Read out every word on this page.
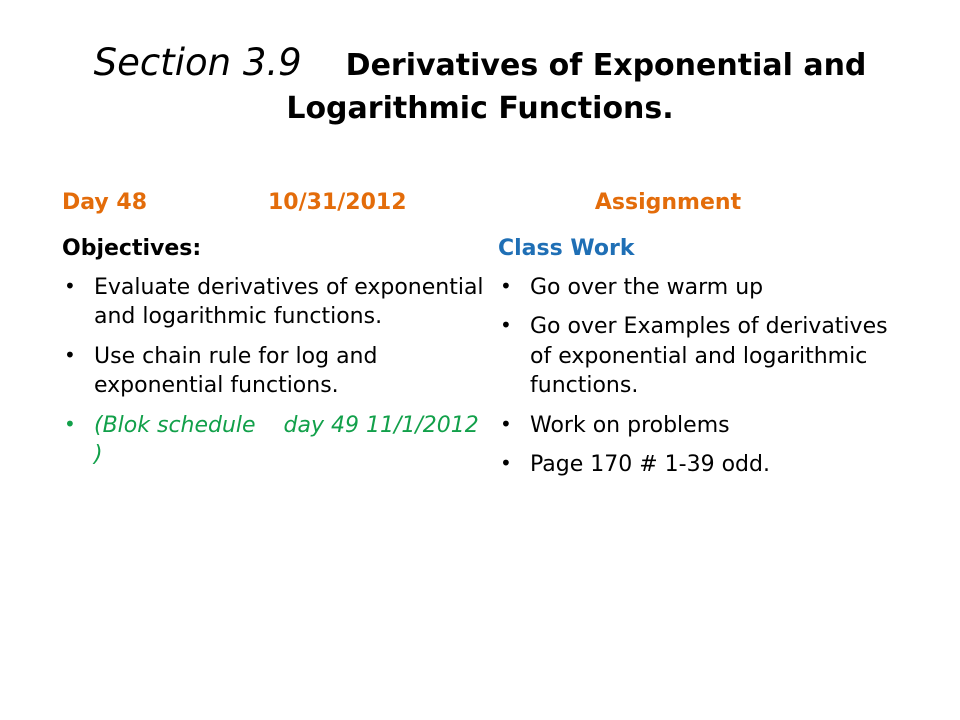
Section 3.9 Derivatives of Exponential and
Logarithmic Functions.
Day 48	10/31/2012
Objectives:
• Evaluate derivatives of exponential and logarithmic functions.
• Use chain rule for log and exponential functions.
• (Blok schedule    day 49 11/1/2012 )
Assignment
Class Work
• Go over the warm up
• Go over Examples of derivatives of exponential and logarithmic functions.
• Work on problems
• Page 170 # 1-39 odd.
